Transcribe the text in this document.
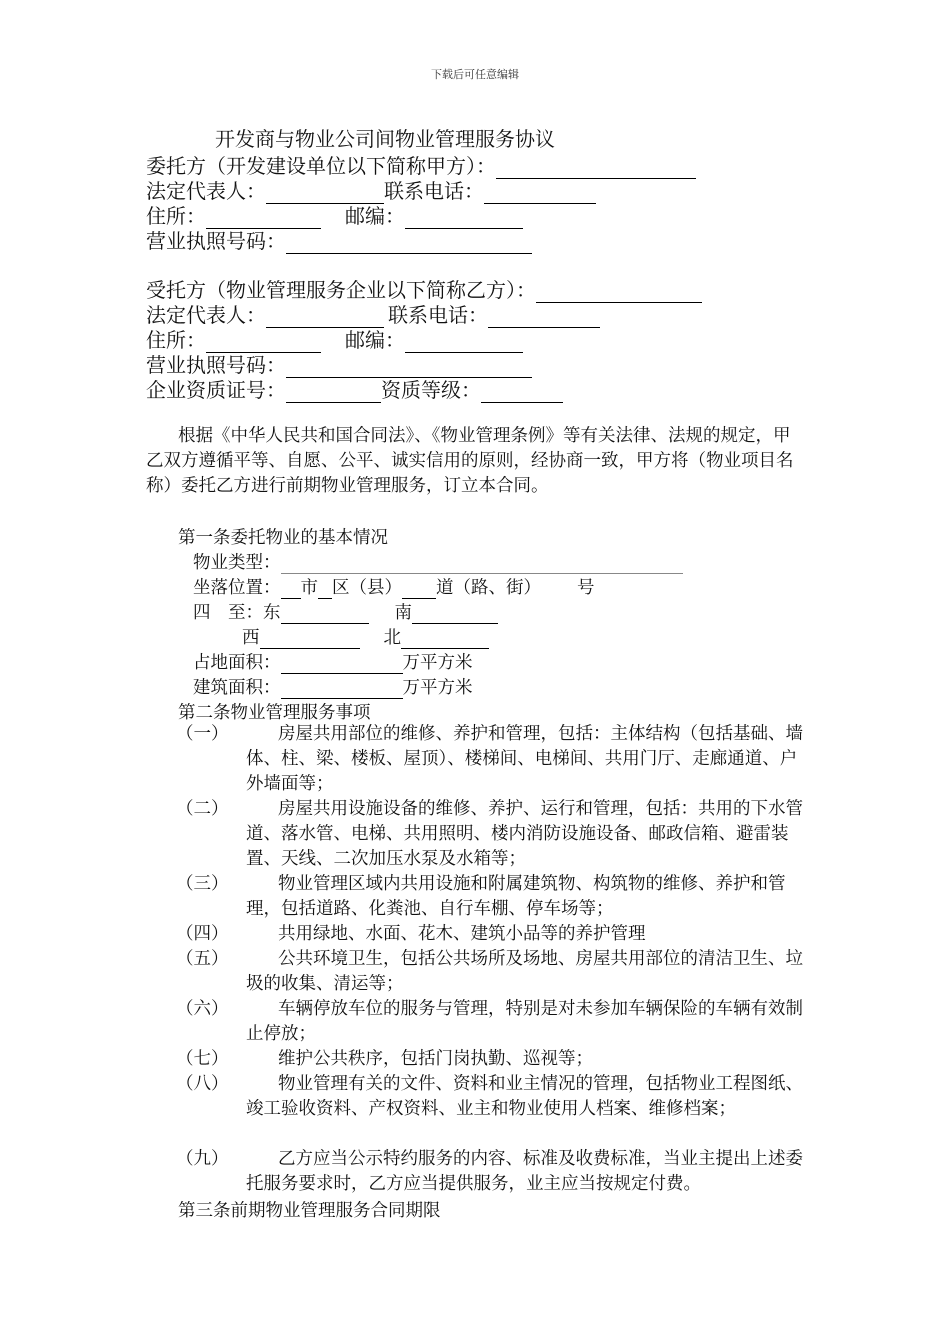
下载后可任意编辑
开发商与物业公司间物业管理服务协议
委托方（开发建设单位以下简称甲方）：
法定代表人：	联系电话：
住所：	邮编：
营业执照号码：
受托方（物业管理服务企业以下简称乙方）：
法定代表人：	联系电话：
住所：	邮编：
营业执照号码：
企业资质证号：	资质等级：
根据《中华人民共和国合同法》、《物业管理条例》等有关法律、法规的规定，甲乙双方遵循平等、自愿、公平、诚实信用的原则，经协商一致，甲方将（物业项目名称）委托乙方进行前期物业管理服务，订立本合同。
第一条委托物业的基本情况
物业类型：
坐落位置： 市 区（县） 道（路、街） 号
四　至：东	南
西	北
占地面积：	万平方米
建筑面积：	万平方米
第二条物业管理服务事项
（一）	房屋共用部位的维修、养护和管理，包括：主体结构（包括基础、墙体、柱、梁、楼板、屋顶）、楼梯间、电梯间、共用门厅、走廊通道、户外墙面等；
（二）	房屋共用设施设备的维修、养护、运行和管理，包括：共用的下水管道、落水管、电梯、共用照明、楼内消防设施设备、邮政信箱、避雷装置、天线、二次加压水泵及水箱等；
（三）	物业管理区域内共用设施和附属建筑物、构筑物的维修、养护和管理，包括道路、化粪池、自行车棚、停车场等；
（四）	共用绿地、水面、花木、建筑小品等的养护管理
（五）	公共环境卫生，包括公共场所及场地、房屋共用部位的清洁卫生、垃圾的收集、清运等；
（六）	车辆停放车位的服务与管理，特别是对未参加车辆保险的车辆有效制止停放；
（七）	维护公共秩序，包括门岗执勤、巡视等；
（八）	物业管理有关的文件、资料和业主情况的管理，包括物业工程图纸、竣工验收资料、产权资料、业主和物业使用人档案、维修档案；
（九）	乙方应当公示特约服务的内容、标准及收费标准，当业主提出上述委托服务要求时，乙方应当提供服务，业主应当按规定付费。
第三条前期物业管理服务合同期限
